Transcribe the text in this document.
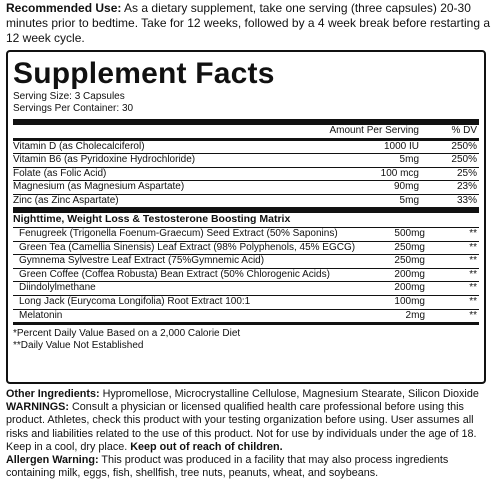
Recommended Use: As a dietary supplement, take one serving (three capsules) 20-30 minutes prior to bedtime. Take for 12 weeks, followed by a 4 week break before restarting a 12 week cycle.
Supplement Facts
Serving Size: 3 Capsules
Servings Per Container: 30
Amount Per Serving	% DV
Vitamin D (as Cholecalciferol)	1000 IU	250%
Vitamin B6 (as Pyridoxine Hydrochloride)	5mg	250%
Folate (as Folic Acid)	100 mcg	25%
Magnesium (as Magnesium Aspartate)	90mg	23%
Zinc (as Zinc Aspartate)	5mg	33%
Nighttime, Weight Loss & Testosterone Boosting Matrix
Fenugreek (Trigonella Foenum-Graecum) Seed Extract (50% Saponins)	500mg	**
Green Tea (Camellia Sinensis) Leaf Extract (98% Polyphenols, 45% EGCG)	250mg	**
Gymnema Sylvestre Leaf Extract (75%Gymnemic Acid)	250mg	**
Green Coffee (Coffea Robusta) Bean Extract (50% Chlorogenic Acids)	200mg	**
Diindolylmethane	200mg	**
Long Jack (Eurycoma Longifolia) Root Extract 100:1	100mg	**
Melatonin	2mg	**
*Percent Daily Value Based on a 2,000 Calorie Diet
**Daily Value Not Established
Other Ingredients: Hypromellose, Microcrystalline Cellulose, Magnesium Stearate, Silicon Dioxide
WARNINGS: Consult a physician or licensed qualified health care professional before using this product. Athletes, check this product with your testing organization before using. User assumes all risks and liabilities related to the use of this product. Not for use by individuals under the age of 18. Keep in a cool, dry place. Keep out of reach of children.
Allergen Warning: This product was produced in a facility that may also process ingredients containing milk, eggs, fish, shellfish, tree nuts, peanuts, wheat, and soybeans.
